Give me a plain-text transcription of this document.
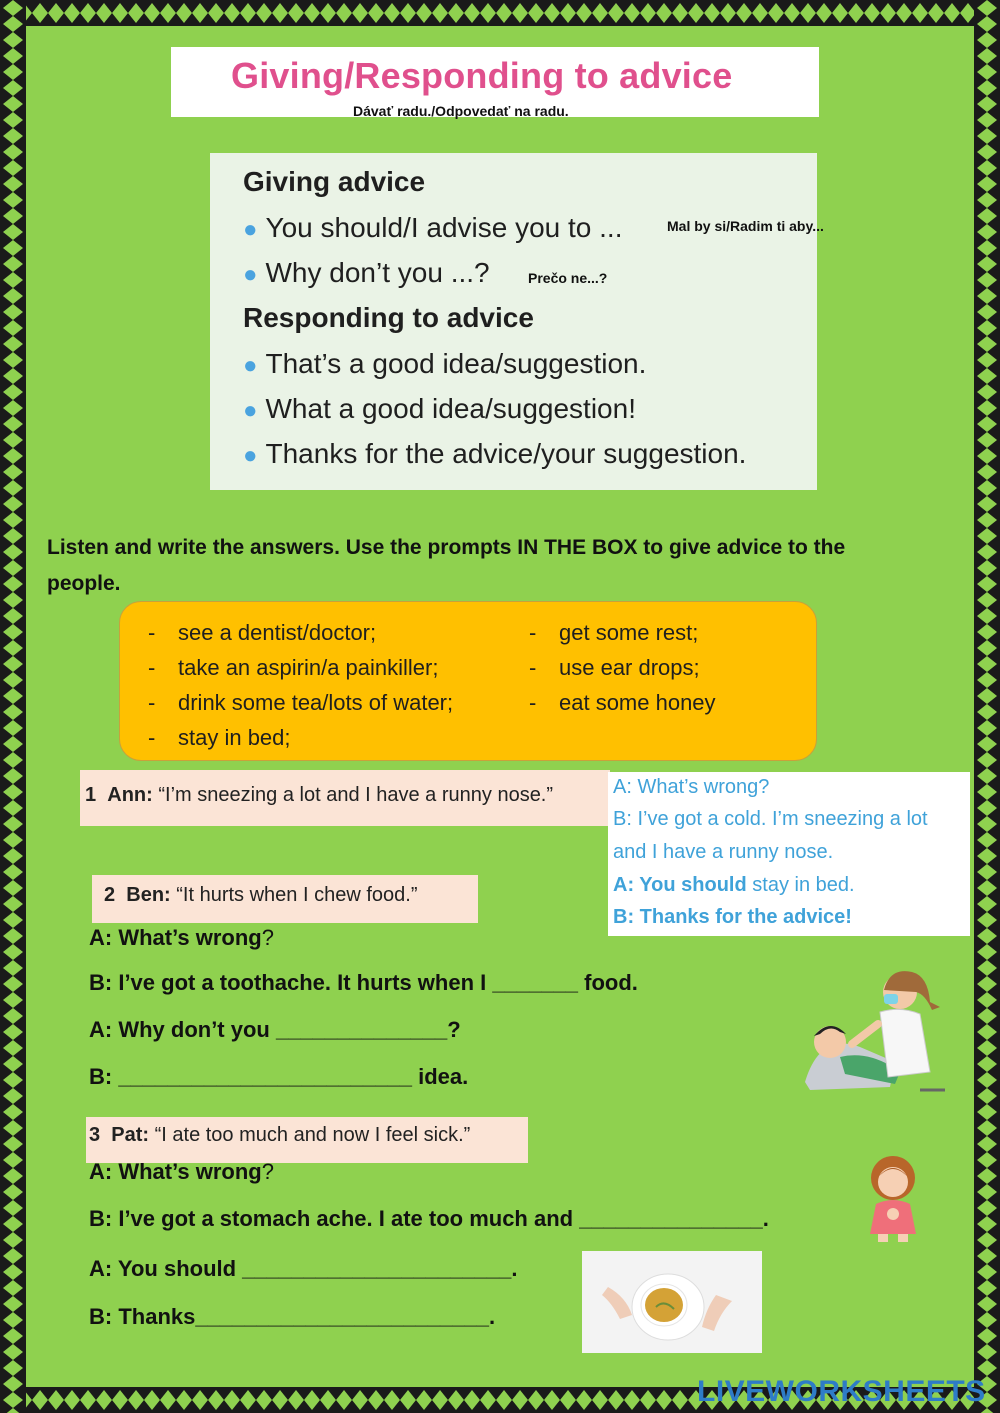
Giving/Responding to advice
Dávať radu./Odpovedať na radu.
Giving advice
● You should/I advise you to ...	Mal by si/Radim ti aby...
● Why don’t you ...?	Prečo ne...?
Responding to advice
● That’s a good idea/suggestion.
● What a good idea/suggestion!
● Thanks for the advice/your suggestion.
Listen and write the answers. Use the prompts IN THE BOX to give advice to the
people.
- see a dentist/doctor;
- take an aspirin/a painkiller;
- drink some tea/lots of water;
- stay in bed;
- get some rest;
- use ear drops;
- eat some honey
1 Ann: “I’m sneezing a lot and I have a runny nose.”	A: What’s wrong?
B: I’ve got a cold. I’m sneezing a lot
and I have a runny nose.
A: You should stay in bed.
B: Thanks for the advice!
2 Ben: “It hurts when I chew food.”
A: What’s wrong?
B: I’ve got a toothache. It hurts when I _______ food.
A: Why don’t you ______________?
B: ________________________ idea.
3 Pat: “I ate too much and now I feel sick.”
A: What’s wrong?
B: I’ve got a stomach ache. I ate too much and _______________.
A: You should ______________________.
B: Thanks________________________.
LIVEWORKSHEETS
